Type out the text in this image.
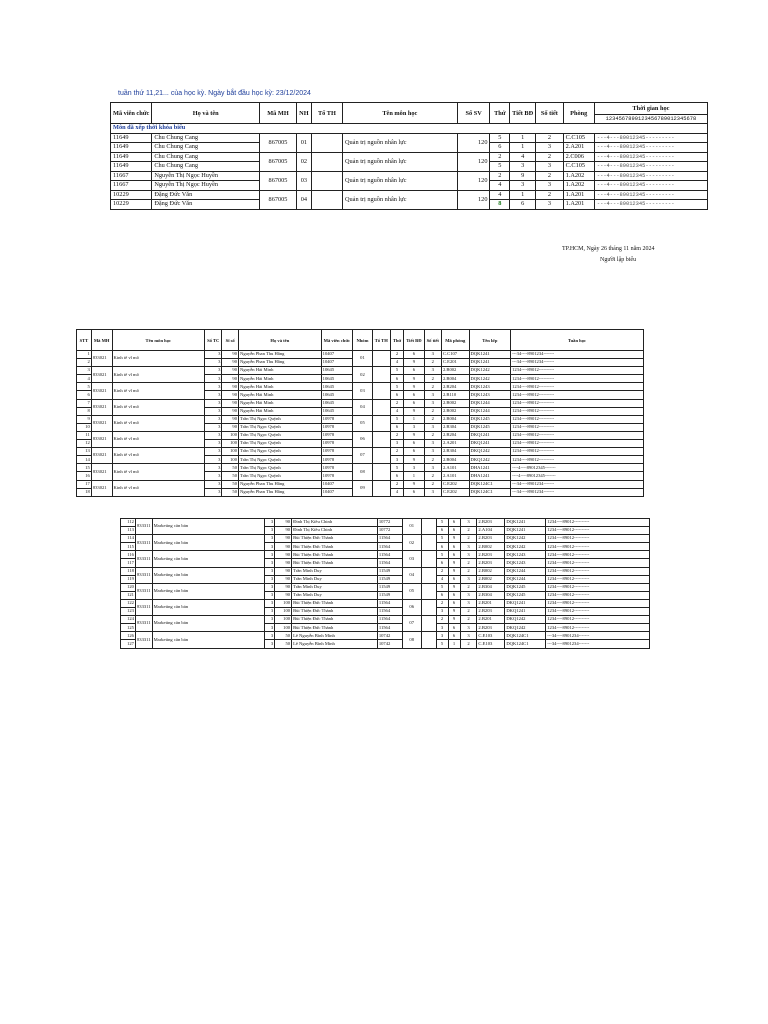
tuần thứ 11,21... của học kỳ. Ngày bắt đầu học kỳ: 23/12/2024
Mã viên chức	Họ và tên	Mã MH	NH	Tổ TH	Tên môn học	Số SV	Thứ	Tiết BĐ	Số tiết	Phòng	Thời gian học
											1234567890123456789012345678
Môn đã xếp thời khóa biểu											
11649	Chu Chung Cang	867005	01		Quản trị nguồn nhân lực	120	5	1	2	C.C105	---4---89012345---------
11649	Chu Chung Cang						6	1	3	2.A201	---4---89012345---------
11649	Chu Chung Cang	867005	02		Quản trị nguồn nhân lực	120	2	4	2	2.C006	---4---89012345---------
11649	Chu Chung Cang						5	3	3	C.C105	---4---89012345---------
11667	Nguyễn Thị Ngọc Huyền	867005	03		Quản trị nguồn nhân lực	120	2	9	2	1.A202	---4---89012345---------
11667	Nguyễn Thị Ngọc Huyền						4	3	3	1.A202	---4---89012345---------
10229	Đặng Đức Văn	867005	04		Quản trị nguồn nhân lực	120	4	1	2	1.A201	---4---89012345---------
10229	Đặng Đức Văn						8	6	3	1.A201	---4---89012345---------
TP.HCM, Ngày 26 tháng 11 năm 2024
Người lập biểu
STT	Mã MH	Tên môn học	Số TC	Sĩ số	Họ và tên	Mã viên chức	Nhóm	Tổ TH	Thứ	Tiết BĐ	Số tiết	Mã phòng	Tên lớp	Tuần học
1	833021	Kinh tế vĩ mô	3	90	Nguyễn Phan Thu Hằng	10407	01		2	6	3	C.C107	DQK1241	---34----8901234-------
2			3	90	Nguyễn Phan Thu Hằng	10407			4	9	2	C.E201	DQK1241	---34----8901234-------
3	833021	Kinh tế vĩ mô	3	90	Nguyễn Hải Minh	10645	02		5	6	3	2.B002	DQK1242	1234----89012----------
4			3	90	Nguyễn Hải Minh	10645			6	9	2	2.B004	DQK1242	1234----89012----------
5	833021	Kinh tế vĩ mô	3	90	Nguyễn Hải Minh	10645	03		5	9	2	2.B204	DQK1243	1234----89012----------
6			3	90	Nguyễn Hải Minh	10645			6	6	3	2.B110	DQK1243	1234----89012----------
7	833021	Kinh tế vĩ mô	3	90	Nguyễn Hải Minh	10645	04		2	6	3	2.B002	DQK1244	1234----89012----------
8			3	90	Nguyễn Hải Minh	10645			4	9	2	2.B002	DQK1244	1234----89012----------
9	833021	Kinh tế vĩ mô	3	90	Trần Thị Ngọc Quỳnh	10978	05		5	1	2	2.B004	DQK1245	1234----89012----------
10			3	90	Trần Thị Ngọc Quỳnh	10978			6	3	3	2.B304	DQK1245	1234----89012----------
11	833021	Kinh tế vĩ mô	3	100	Trần Thị Ngọc Quỳnh	10978	06		2	9	2	2.B204	DKQ1241	1234----89012----------
12			3	100	Trần Thị Ngọc Quỳnh	10978			3	6	3	2.A201	DKQ1241	1234----89012----------
13	833021	Kinh tế vĩ mô	3	100	Trần Thị Ngọc Quỳnh	10978	07		2	6	3	2.B304	DKQ1242	1234----89012----------
14			3	100	Trần Thị Ngọc Quỳnh	10978			3	9	2	2.B004	DKQ1242	1234----89012----------
15	833021	Kinh tế vĩ mô	3	50	Trần Thị Ngọc Quỳnh	10978	08		5	3	3	2.A101	DHA1241	----4----89012345-------
16			3	50	Trần Thị Ngọc Quỳnh	10978			6	1	2	2.A101	DHA1241	----4----89012345-------
17	833021	Kinh tế vĩ mô	3	50	Nguyễn Phan Thu Hằng	10407	09		2	9	2	C.E202	DQK124C1	---34----8901234-------
18			3	50	Nguyễn Phan Thu Hằng	10407			4	6	3	C.E202	DQK124C1	---34----8901234-------
112	833311	Marketing căn bản	3	90	Đinh Thị Kiều Chinh	10772	01		5	6	3	2.B203	DQK1241	1234----89012----------
113			3	90	Đinh Thị Kiều Chinh	10772			6	6	2	2.A104	DQK1241	1234----89012----------
114	833311	Marketing căn bản	3	90	Bùi Thiện Đức Thành	11564	02		5	9	2	2.B203	DQK1242	1234----89012----------
115			3	90	Bùi Thiện Đức Thành	11564			6	6	3	2.B002	DQK1242	1234----89012----------
116	833311	Marketing căn bản	3	90	Bùi Thiện Đức Thành	11564	03		5	6	3	2.B203	DQK1243	1234----89012----------
117			3	90	Bùi Thiện Đức Thành	11564			6	9	2	2.B203	DQK1243	1234----89012----------
118	833311	Marketing căn bản	3	90	Trần Minh Duy	11549	04		2	9	2	2.B002	DQK1244	1234----89012----------
119			3	90	Trần Minh Duy	11549			4	6	3	2.B002	DQK1244	1234----89012----------
120	833311	Marketing căn bản	3	90	Trần Minh Duy	11549	05		5	9	2	2.B304	DQK1245	1234----89012----------
121			3	90	Trần Minh Duy	11549			6	6	3	2.B304	DQK1245	1234----89012----------
122	833311	Marketing căn bản	3	100	Bùi Thiện Đức Thành	11564	06		2	6	3	2.B201	DKQ1241	1234----89012----------
123			3	100	Bùi Thiện Đức Thành	11564			3	9	2	2.B203	DKQ1241	1234----89012----------
124	833311	Marketing căn bản	3	100	Bùi Thiện Đức Thành	11564	07		2	9	2	2.B201	DKQ1242	1234----89012----------
125			3	100	Bùi Thiện Đức Thành	11564			3	6	3	2.B203	DKQ1242	1234----89012----------
126	833311	Marketing căn bản	3	50	Lê Nguyễn Bình Minh	10742	08		3	6	3	C.E103	DQK124C1	---34----8901234-------
127			3	50	Lê Nguyễn Bình Minh	10742			5	1	2	C.E103	DQK124C1	---34----8901234-------
